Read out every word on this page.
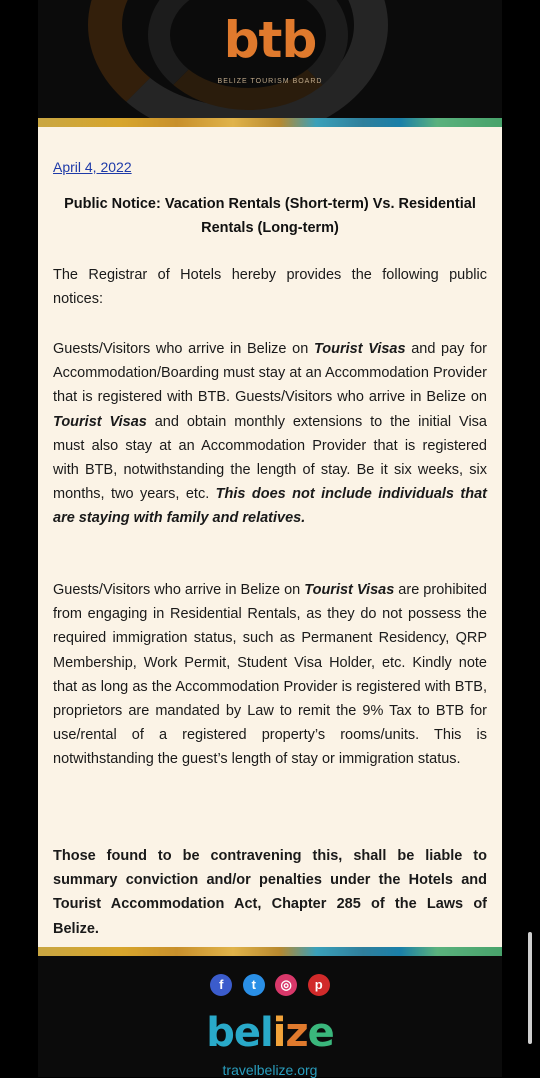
btb
BELIZE TOURISM BOARD
April 4, 2022
Public Notice: Vacation Rentals (Short-term) Vs. Residential Rentals (Long-term)
The Registrar of Hotels hereby provides the following public notices:
Guests/Visitors who arrive in Belize on Tourist Visas and pay for Accommodation/Boarding must stay at an Accommodation Provider that is registered with BTB. Guests/Visitors who arrive in Belize on Tourist Visas and obtain monthly extensions to the initial Visa must also stay at an Accommodation Provider that is registered with BTB, notwithstanding the length of stay. Be it six weeks, six months, two years, etc. This does not include individuals that are staying with family and relatives.
Guests/Visitors who arrive in Belize on Tourist Visas are prohibited from engaging in Residential Rentals, as they do not possess the required immigration status, such as Permanent Residency, QRP Membership, Work Permit, Student Visa Holder, etc. Kindly note that as long as the Accommodation Provider is registered with BTB, proprietors are mandated by Law to remit the 9% Tax to BTB for use/rental of a registered property’s rooms/units. This is notwithstanding the guest’s length of stay or immigration status.
Those found to be contravening this, shall be liable to summary conviction and/or penalties under the Hotels and Tourist Accommodation Act, Chapter 285 of the Laws of Belize.
f t ◎ p
belize
travelbelize.org
